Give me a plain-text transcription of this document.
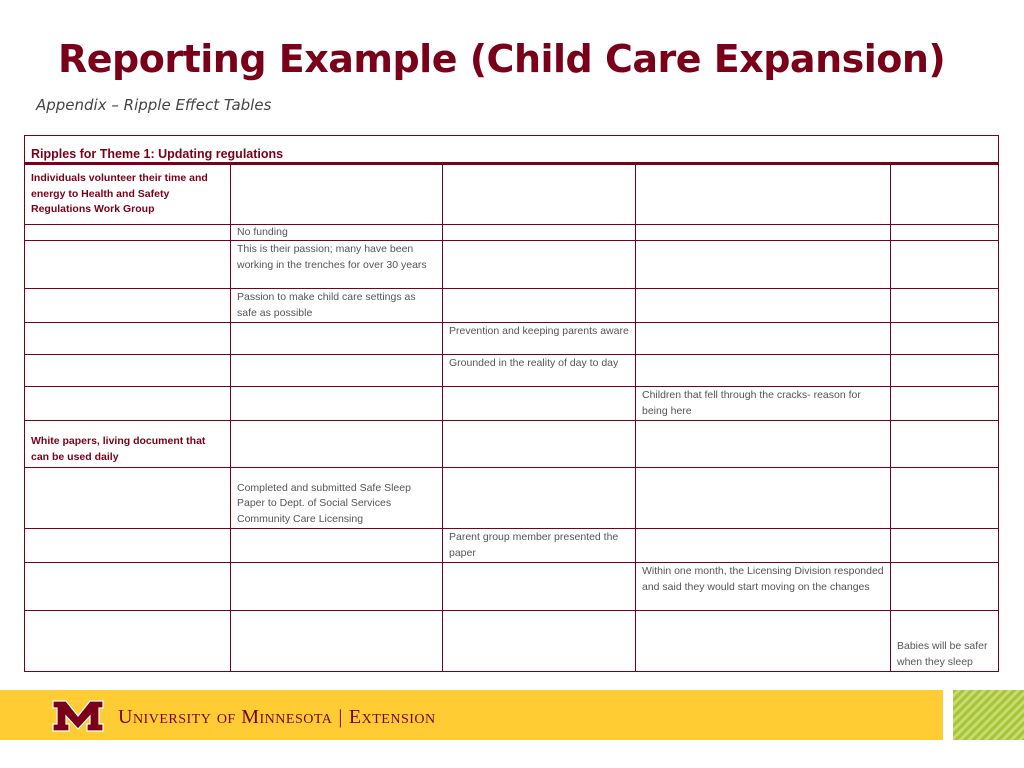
Reporting Example (Child Care Expansion)
Appendix – Ripple Effect Tables
Ripples for Theme 1: Updating regulations				
Individuals volunteer their time and energy to Health and Safety Regulations Work Group				
	No funding			
	This is their passion; many have been working in the trenches for over 30 years			
	Passion to make child care settings as safe as possible			
		Prevention and keeping parents aware		
		Grounded in the reality of day to day		
			Children that fell through the cracks- reason for being here	
White papers, living document that can be used daily				
	Completed and submitted Safe Sleep Paper to Dept. of Social Services Community Care Licensing			
		Parent group member presented the paper		
			Within one month, the Licensing Division responded and said they would start moving on the changes	
				Babies will be safer when they sleep
University of Minnesota | Extension
